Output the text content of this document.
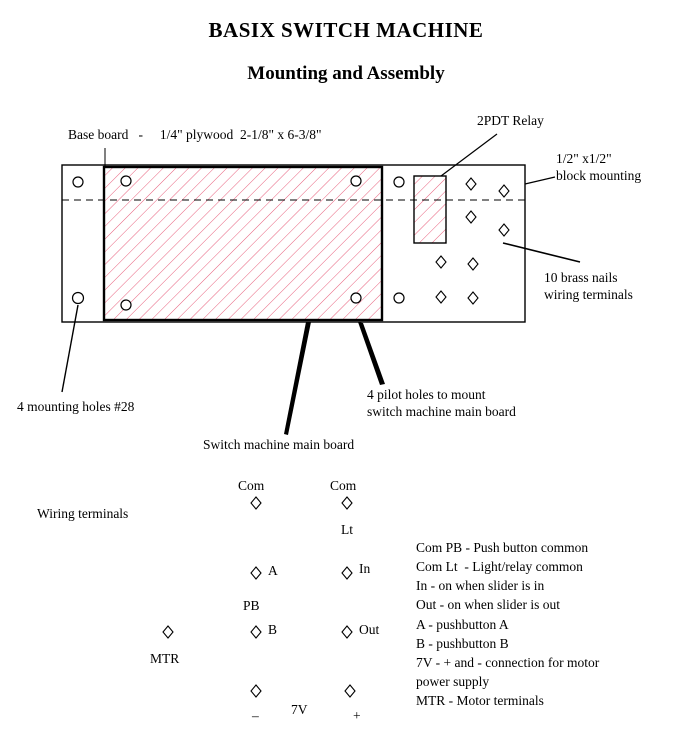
BASIX SWITCH MACHINE
Mounting and Assembly
Base board   -     1/4" plywood  2-1/8" x 6-3/8"
2PDT Relay
1/2" x1/2"
block mounting
10 brass nails
wiring terminals
4 mounting holes #28
4 pilot holes to mount
switch machine main board
Switch machine main board
Wiring terminals
Com	Com
Lt
A	In
PB
B	Out
MTR
–	+
7V
Com PB - Push button common
Com Lt  - Light/relay common
In - on when slider is in
Out - on when slider is out
A - pushbutton A
B - pushbutton B
7V - + and - connection for motor
power supply
MTR - Motor terminals
